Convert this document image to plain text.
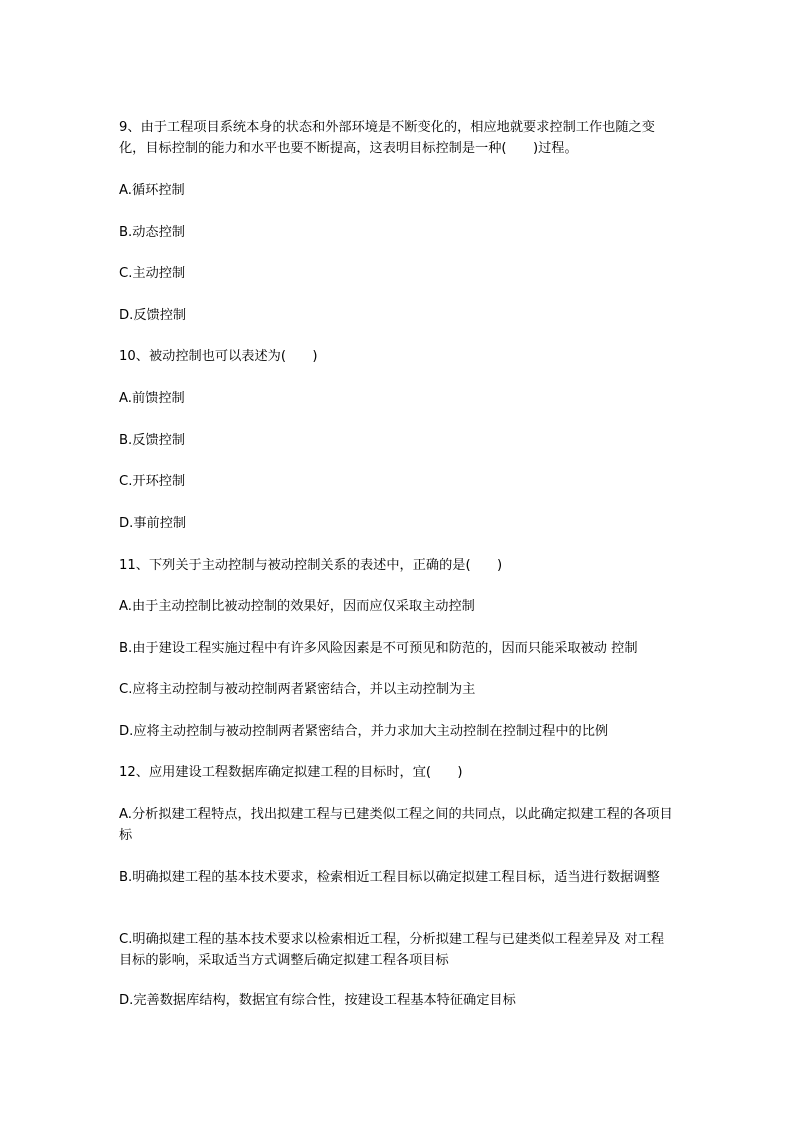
9、由于工程项目系统本身的状态和外部环境是不断变化的，相应地就要求控制工作也随之变化，目标控制的能力和水平也要不断提高，这表明目标控制是一种(　　)过程。
A.循环控制
B.动态控制
C.主动控制
D.反馈控制
10、被动控制也可以表述为(　　)
A.前馈控制
B.反馈控制
C.开环控制
D.事前控制
11、下列关于主动控制与被动控制关系的表述中，正确的是(　　)
A.由于主动控制比被动控制的效果好，因而应仅采取主动控制
B.由于建设工程实施过程中有许多风险因素是不可预见和防范的，因而只能采取被动 控制
C.应将主动控制与被动控制两者紧密结合，并以主动控制为主
D.应将主动控制与被动控制两者紧密结合，并力求加大主动控制在控制过程中的比例
12、应用建设工程数据库确定拟建工程的目标时，宜(　　)
A.分析拟建工程特点，找出拟建工程与已建类似工程之间的共同点，以此确定拟建工程的各项目标
B.明确拟建工程的基本技术要求，检索相近工程目标以确定拟建工程目标，适当进行数据调整
C.明确拟建工程的基本技术要求以检索相近工程，分析拟建工程与已建类似工程差异及 对工程目标的影响，采取适当方式调整后确定拟建工程各项目标
D.完善数据库结构，数据宜有综合性，按建设工程基本特征确定目标
